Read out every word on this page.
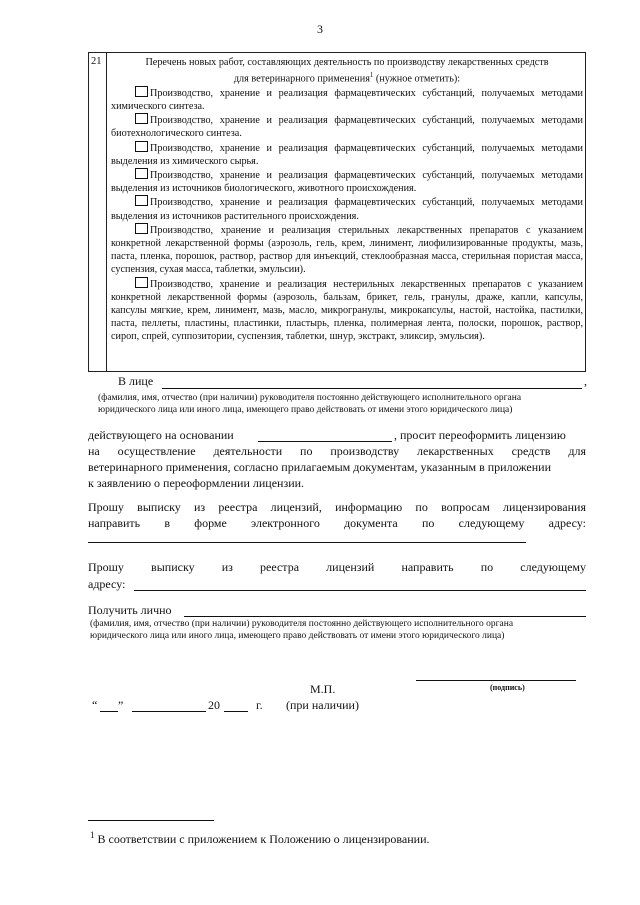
3
21	Перечень новых работ, составляющих деятельность по производству лекарственных средств
для ветеринарного применения$^1$ (нужное отметить):
Производство, хранение и реализация фармацевтических субстанций, получаемых методами химического синтеза.
Производство, хранение и реализация фармацевтических субстанций, получаемых методами биотехнологического синтеза.
Производство, хранение и реализация фармацевтических субстанций, получаемых методами выделения из химического сырья.
Производство, хранение и реализация фармацевтических субстанций, получаемых методами выделения из источников биологического, животного происхождения.
Производство, хранение и реализация фармацевтических субстанций, получаемых методами выделения из источников растительного происхождения.
Производство, хранение и реализация стерильных лекарственных препаратов с указанием конкретной лекарственной формы (аэрозоль, гель, крем, линимент, лиофилизированные продукты, мазь, паста, пленка, порошок, раствор, раствор для инъекций, стеклообразная масса, стерильная пористая масса, суспензия, сухая масса, таблетки, эмульсии).
Производство, хранение и реализация нестерильных лекарственных препаратов с указанием конкретной лекарственной формы (аэрозоль, бальзам, брикет, гель, гранулы, драже, капли, капсулы, капсулы мягкие, крем, линимент, мазь, масло, микрогранулы, микрокапсулы, настой, настойка, пастилки, паста, пеллеты, пластины, пластинки, пластырь, пленка, полимерная лента, полоски, порошок, раствор, сироп, спрей, суппозитории, суспензия, таблетки, шнур, экстракт, эликсир, эмульсия).
В лице	,
(фамилия, имя, отчество (при наличии) руководителя постоянно действующего исполнительного органа
юридического лица или иного лица, имеющего право действовать от имени этого юридического лица)
действующего на основании	, просит переоформить лицензию
на осуществление деятельности по производству лекарственных средств для
ветеринарного применения, согласно прилагаемым документам, указанным в приложении
к заявлению о переоформлении лицензии.
Прошу выписку из реестра лицензий, информацию по вопросам лицензирования
направить в форме электронного документа по следующему адресу:
Прошу выписку из реестра лицензий направить по следующему
адресу:
Получить лично
(фамилия, имя, отчество (при наличии) руководителя постоянно действующего исполнительного органа
юридического лица или иного лица, имеющего право действовать от имени этого юридического лица)
(подпись)
М.П.
“ ”	20	г. (при наличии)
$^1$ В соответствии с приложением к Положению о лицензировании.
